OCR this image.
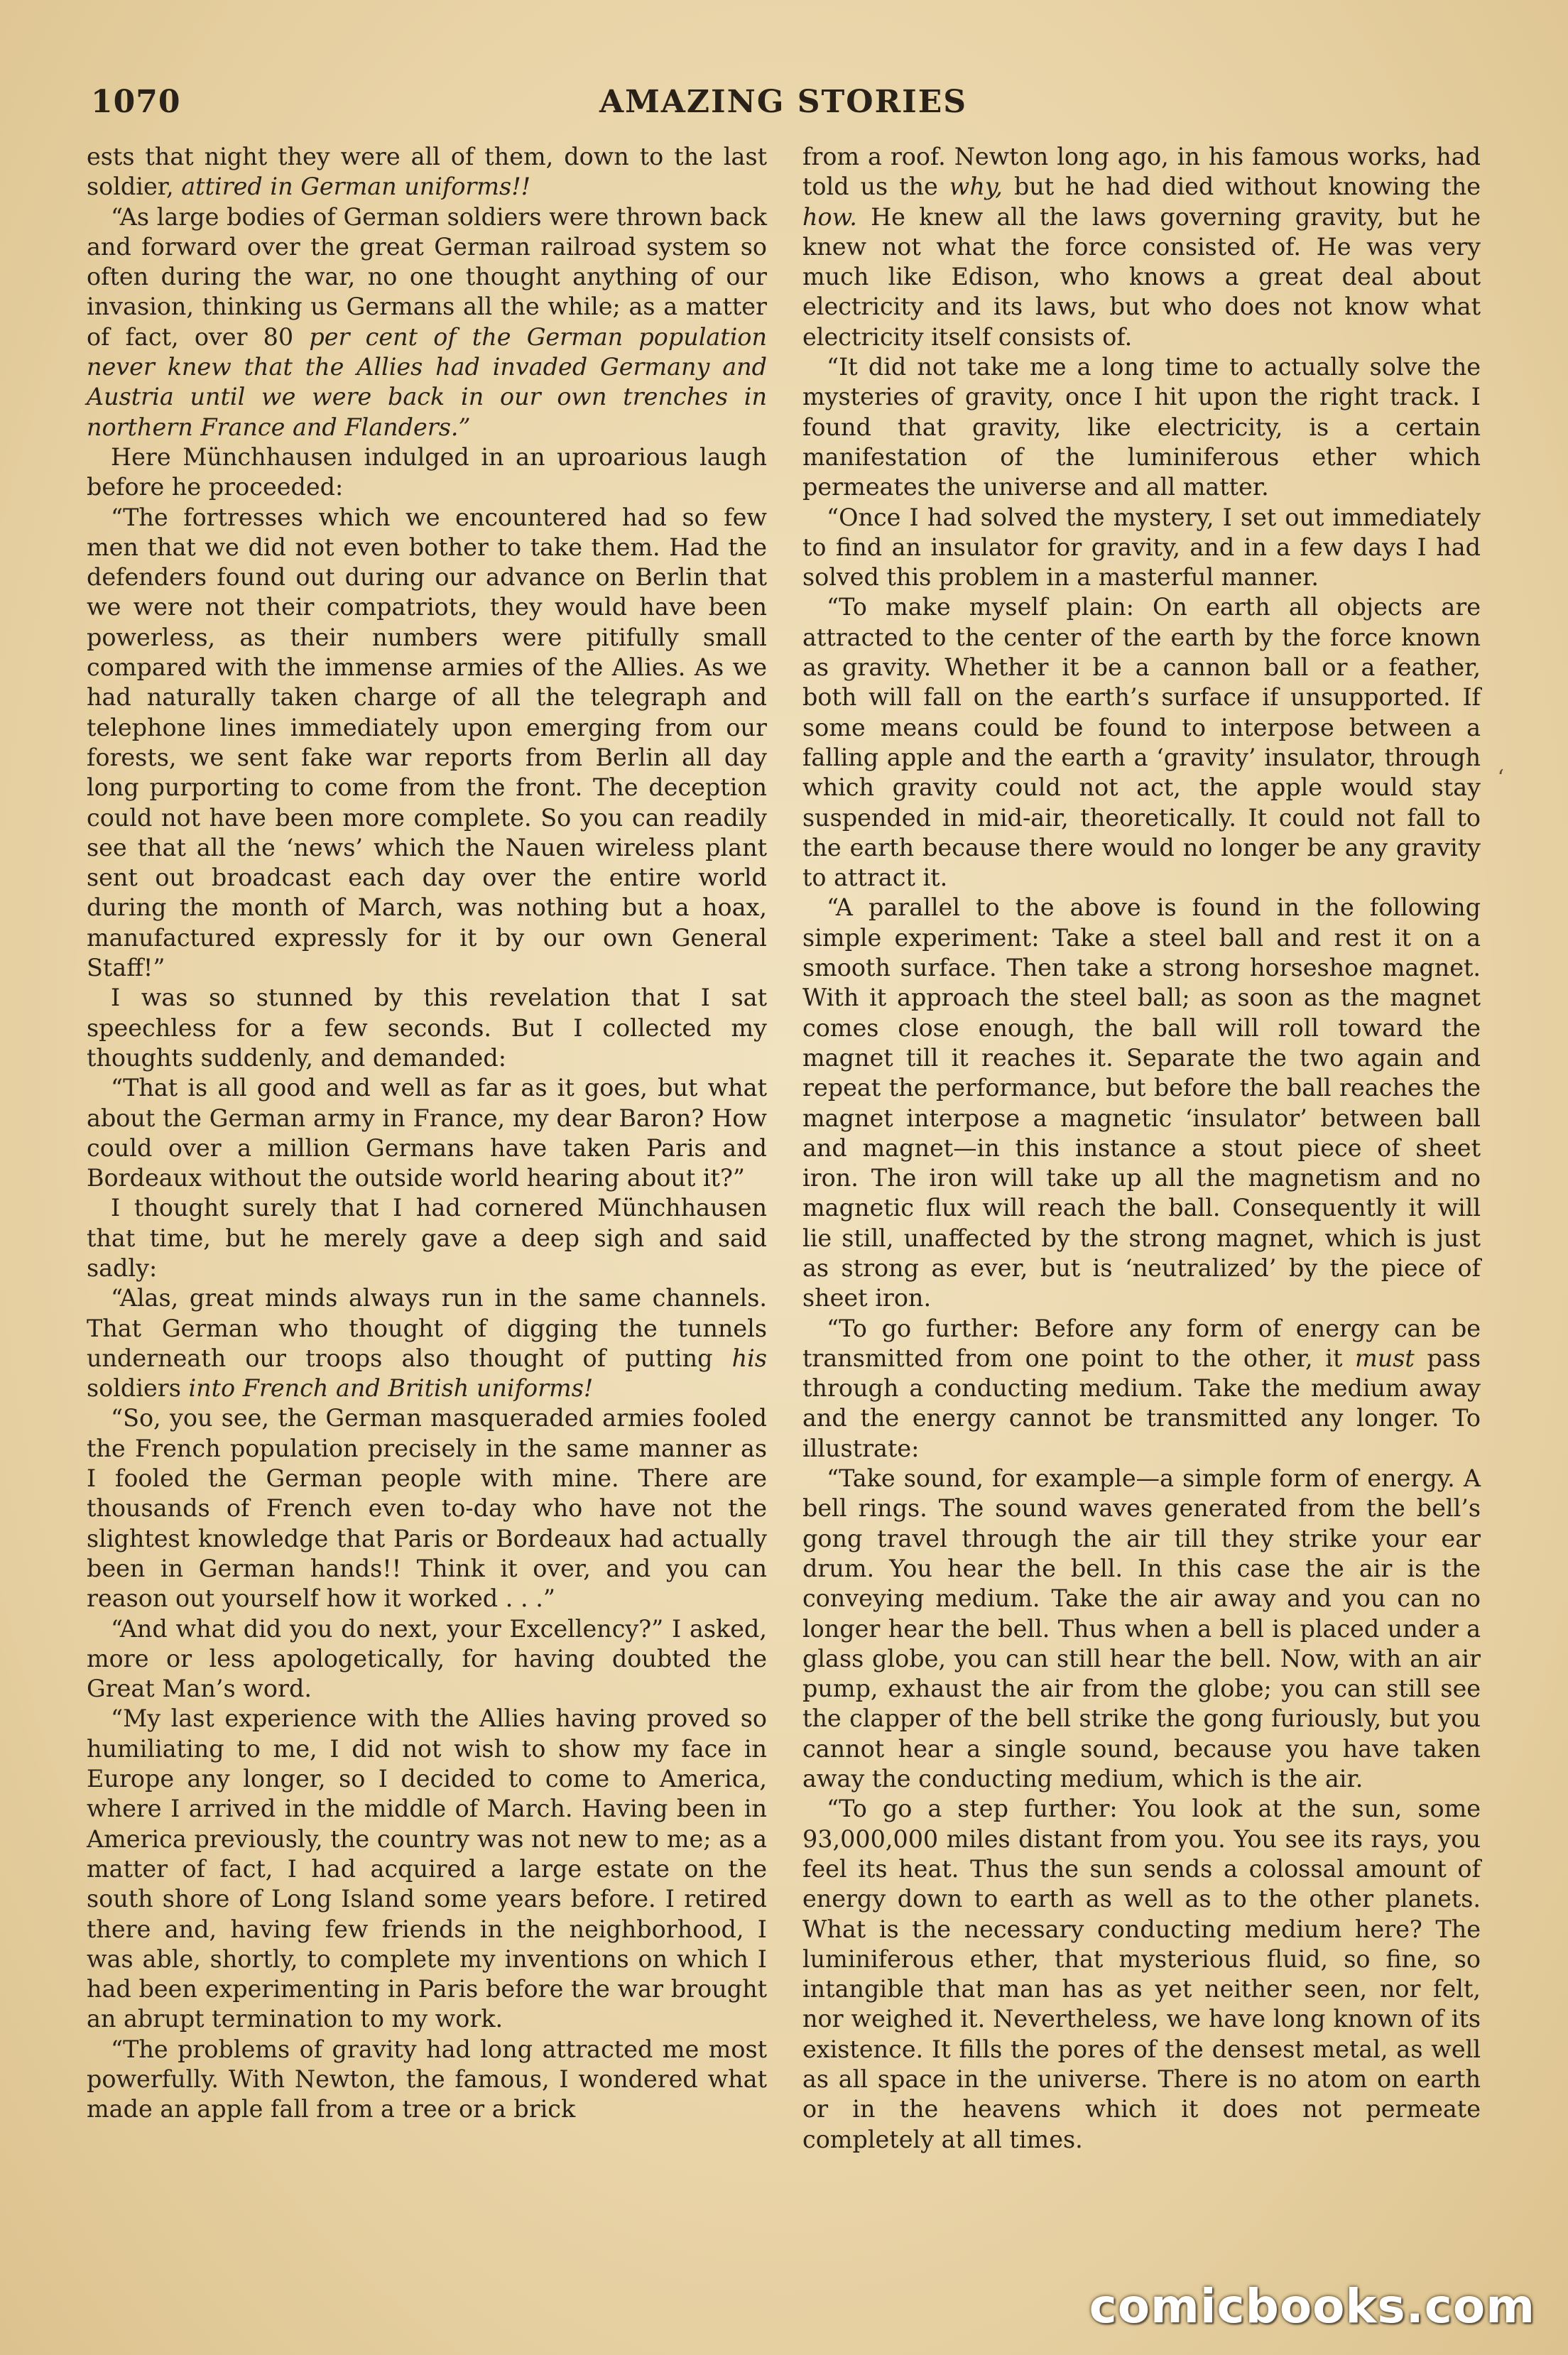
1070	AMAZING STORIES

ests that night they were all of them, down to the last soldier, attired in German uniforms!!

“As large bodies of German soldiers were thrown back and forward over the great German railroad system so often during the war, no one thought anything of our invasion, thinking us Germans all the while; as a matter of fact, over 80 per cent of the German population never knew that the Allies had invaded Germany and Austria until we were back in our own trenches in northern France and Flanders.”

Here Münchhausen indulged in an uproarious laugh before he proceeded:

“The fortresses which we encountered had so few men that we did not even bother to take them. Had the defenders found out during our advance on Berlin that we were not their compatriots, they would have been powerless, as their numbers were pitifully small compared with the immense armies of the Allies. As we had naturally taken charge of all the telegraph and telephone lines immediately upon emerging from our forests, we sent fake war reports from Berlin all day long purporting to come from the front. The deception could not have been more complete. So you can readily see that all the ‘news’ which the Nauen wireless plant sent out broadcast each day over the entire world during the month of March, was nothing but a hoax, manufactured expressly for it by our own General Staff!”

I was so stunned by this revelation that I sat speechless for a few seconds. But I collected my thoughts suddenly, and demanded:

“That is all good and well as far as it goes, but what about the German army in France, my dear Baron? How could over a million Germans have taken Paris and Bordeaux without the outside world hearing about it?”

I thought surely that I had cornered Münchhausen that time, but he merely gave a deep sigh and said sadly:

“Alas, great minds always run in the same channels. That German who thought of digging the tunnels underneath our troops also thought of putting his soldiers into French and British uniforms!

“So, you see, the German masqueraded armies fooled the French population precisely in the same manner as I fooled the German people with mine. There are thousands of French even to-day who have not the slightest knowledge that Paris or Bordeaux had actually been in German hands!! Think it over, and you can reason out yourself how it worked . . .”

“And what did you do next, your Excellency?” I asked, more or less apologetically, for having doubted the Great Man’s word.

“My last experience with the Allies having proved so humiliating to me, I did not wish to show my face in Europe any longer, so I decided to come to America, where I arrived in the middle of March. Having been in America previously, the country was not new to me; as a matter of fact, I had acquired a large estate on the south shore of Long Island some years before. I retired there and, having few friends in the neighborhood, I was able, shortly, to complete my inventions on which I had been experimenting in Paris before the war brought an abrupt termination to my work.

“The problems of gravity had long attracted me most powerfully. With Newton, the famous, I wondered what made an apple fall from a tree or a brick

from a roof. Newton long ago, in his famous works, had told us the why, but he had died without knowing the how. He knew all the laws governing gravity, but he knew not what the force consisted of. He was very much like Edison, who knows a great deal about electricity and its laws, but who does not know what electricity itself consists of.

“It did not take me a long time to actually solve the mysteries of gravity, once I hit upon the right track. I found that gravity, like electricity, is a certain manifestation of the luminiferous ether which permeates the universe and all matter.

“Once I had solved the mystery, I set out immediately to find an insulator for gravity, and in a few days I had solved this problem in a masterful manner.

“To make myself plain: On earth all objects are attracted to the center of the earth by the force known as gravity. Whether it be a cannon ball or a feather, both will fall on the earth’s surface if unsupported. If some means could be found to interpose between a falling apple and the earth a ‘gravity’ insulator, through which gravity could not act, the apple would stay suspended in mid-air, theoretically. It could not fall to the earth because there would no longer be any gravity to attract it.

“A parallel to the above is found in the following simple experiment: Take a steel ball and rest it on a smooth surface. Then take a strong horseshoe magnet. With it approach the steel ball; as soon as the magnet comes close enough, the ball will roll toward the magnet till it reaches it. Separate the two again and repeat the performance, but before the ball reaches the magnet interpose a magnetic ‘insulator’ between ball and magnet—in this instance a stout piece of sheet iron. The iron will take up all the magnetism and no magnetic flux will reach the ball. Consequently it will lie still, unaffected by the strong magnet, which is just as strong as ever, but is ‘neutralized’ by the piece of sheet iron.

“To go further: Before any form of energy can be transmitted from one point to the other, it must pass through a conducting medium. Take the medium away and the energy cannot be transmitted any longer. To illustrate:

“Take sound, for example—a simple form of energy. A bell rings. The sound waves generated from the bell’s gong travel through the air till they strike your ear drum. You hear the bell. In this case the air is the conveying medium. Take the air away and you can no longer hear the bell. Thus when a bell is placed under a glass globe, you can still hear the bell. Now, with an air pump, exhaust the air from the globe; you can still see the clapper of the bell strike the gong furiously, but you cannot hear a single sound, because you have taken away the conducting medium, which is the air.

“To go a step further: You look at the sun, some 93,000,000 miles distant from you. You see its rays, you feel its heat. Thus the sun sends a colossal amount of energy down to earth as well as to the other planets. What is the necessary conducting medium here? The luminiferous ether, that mysterious fluid, so fine, so intangible that man has as yet neither seen, nor felt, nor weighed it. Nevertheless, we have long known of its existence. It fills the pores of the densest metal, as well as all space in the universe. There is no atom on earth or in the heavens which it does not permeate completely at all times.

ʻ
comicbooks.com
